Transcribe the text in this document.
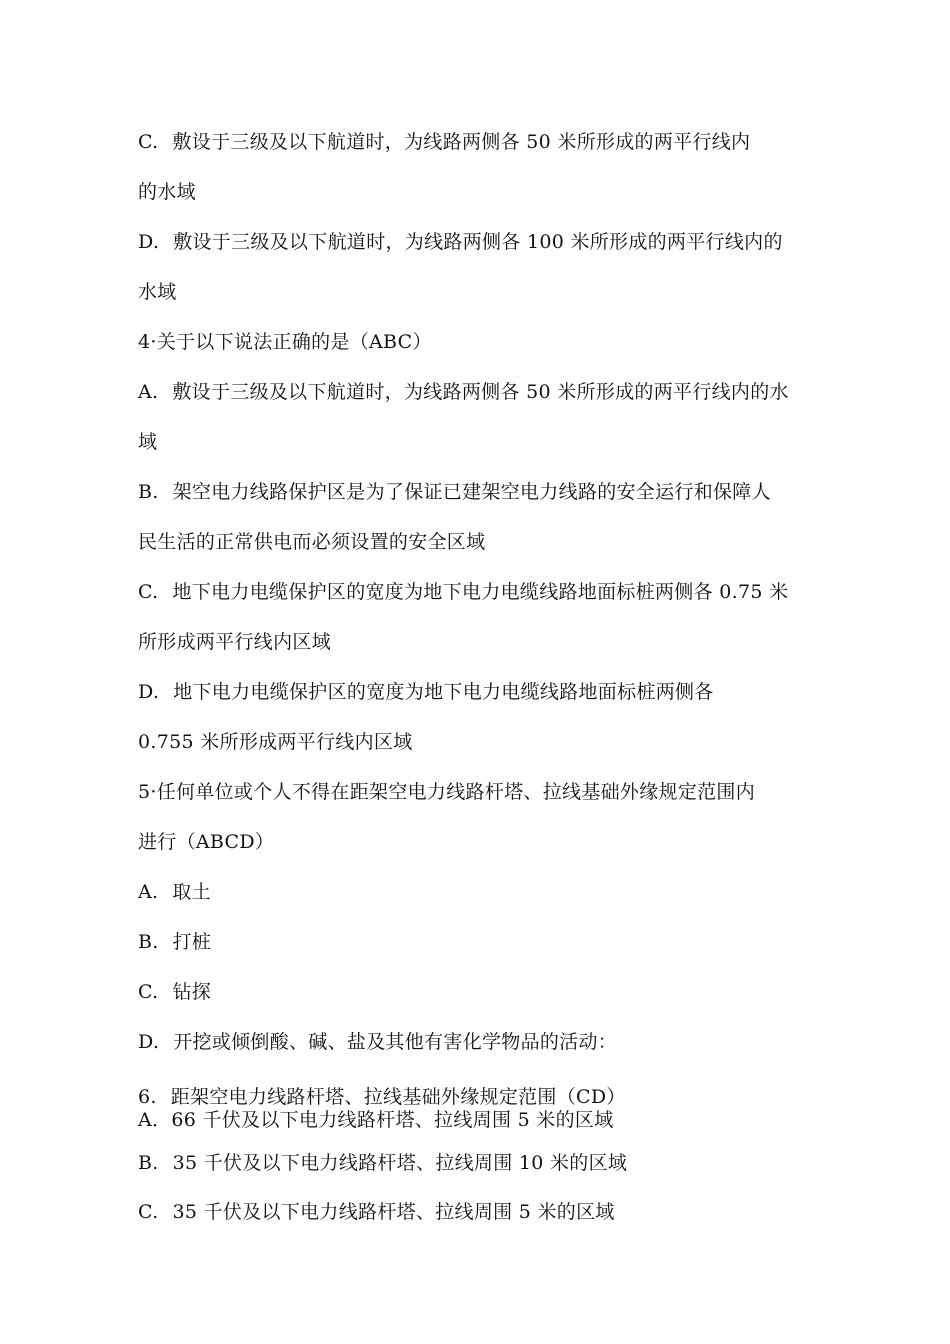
C. 敷设于三级及以下航道时，为线路两侧各 50 米所形成的两平行线内
的水域
D. 敷设于三级及以下航道时，为线路两侧各 100 米所形成的两平行线内的
水域
4·关于以下说法正确的是（ABC）
A. 敷设于三级及以下航道时，为线路两侧各 50 米所形成的两平行线内的水
域
B. 架空电力线路保护区是为了保证已建架空电力线路的安全运行和保障人
民生活的正常供电而必须设置的安全区域
C. 地下电力电缆保护区的宽度为地下电力电缆线路地面标桩两侧各 0.75 米
所形成两平行线内区域
D. 地下电力电缆保护区的宽度为地下电力电缆线路地面标桩两侧各
0.755 米所形成两平行线内区域
5·任何单位或个人不得在距架空电力线路杆塔、拉线基础外缘规定范围内
进行（ABCD）
A. 取土
B. 打桩
C. 钻探
D. 开挖或倾倒酸、碱、盐及其他有害化学物品的活动：
6. 距架空电力线路杆塔、拉线基础外缘规定范围（CD）
A．66 千伏及以下电力线路杆塔、拉线周围 5 米的区域
B. 35 千伏及以下电力线路杆塔、拉线周围 10 米的区域
C. 35 千伏及以下电力线路杆塔、拉线周围 5 米的区域
